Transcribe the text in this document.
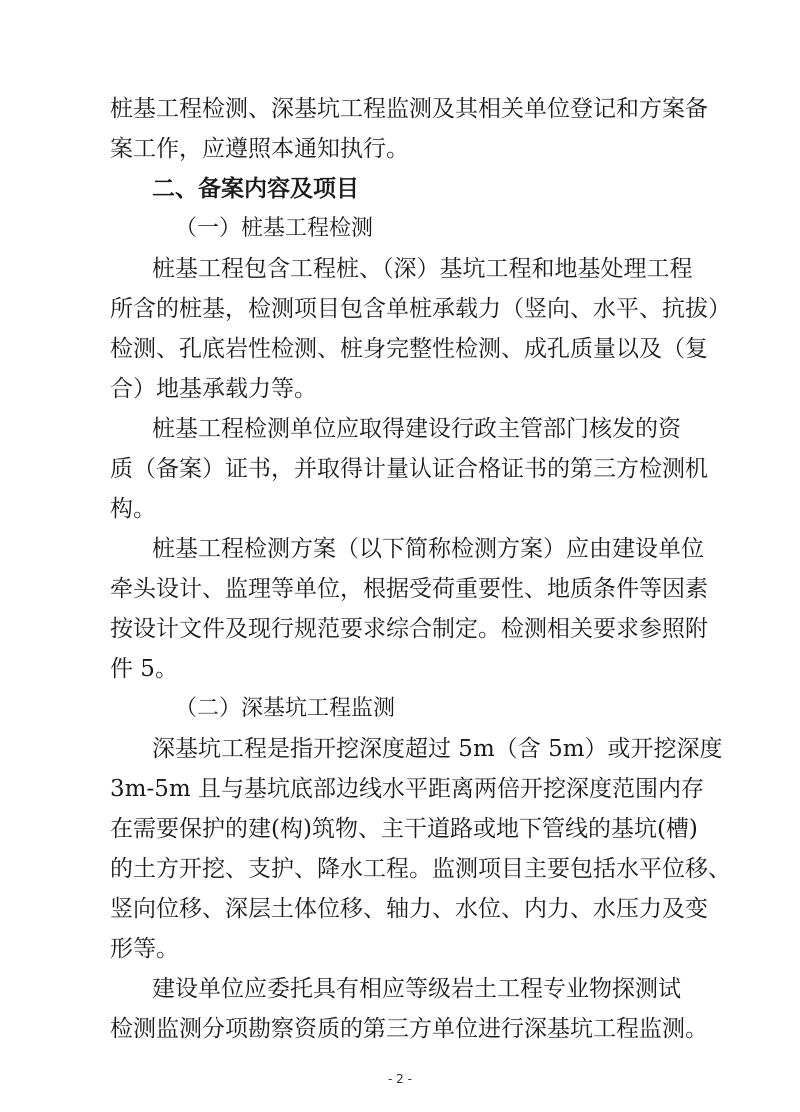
桩基工程检测、深基坑工程监测及其相关单位登记和方案备
案工作，应遵照本通知执行。
二、备案内容及项目
（一）桩基工程检测
桩基工程包含工程桩、（深）基坑工程和地基处理工程
所含的桩基，检测项目包含单桩承载力（竖向、水平、抗拔）
检测、孔底岩性检测、桩身完整性检测、成孔质量以及（复
合）地基承载力等。
桩基工程检测单位应取得建设行政主管部门核发的资
质（备案）证书，并取得计量认证合格证书的第三方检测机
构。
桩基工程检测方案（以下简称检测方案）应由建设单位
牵头设计、监理等单位，根据受荷重要性、地质条件等因素
按设计文件及现行规范要求综合制定。检测相关要求参照附
件 5。
（二）深基坑工程监测
深基坑工程是指开挖深度超过 5m（含 5m）或开挖深度
3m-5m 且与基坑底部边线水平距离两倍开挖深度范围内存
在需要保护的建(构)筑物、主干道路或地下管线的基坑(槽)
的土方开挖、支护、降水工程。监测项目主要包括水平位移、
竖向位移、深层土体位移、轴力、水位、内力、水压力及变
形等。
建设单位应委托具有相应等级岩土工程专业物探测试
检测监测分项勘察资质的第三方单位进行深基坑工程监测。
- 2 -
